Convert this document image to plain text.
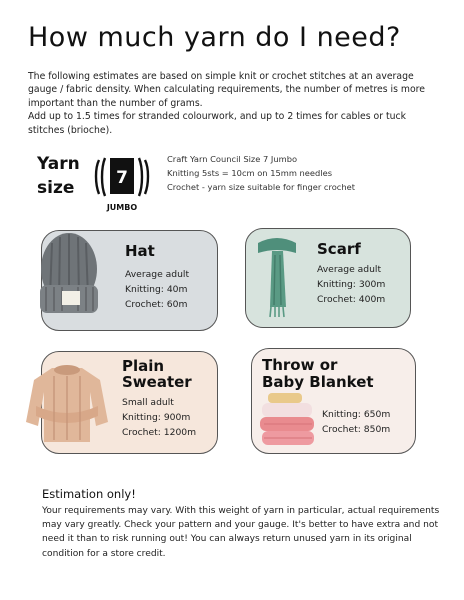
How much yarn do I need?

The following estimates are based on simple knit or crochet stitches at an average gauge / fabric density. When calculating requirements, the number of metres is more important than the number of grams.

Add up to 1.5 times for stranded colourwork, and up to 2 times for cables or tuck stitches (brioche).

Yarn
size 7
JUMBO
Craft Yarn Council Size 7 Jumbo
Knitting 5sts = 10cm on 15mm needles
Crochet - yarn size suitable for finger crochet
Hat
Average adult
Knitting: 40m
Crochet: 60m
Scarf
Average adult
Knitting: 300m
Crochet: 400m
Plain
Sweater
Small adult
Knitting: 900m
Crochet: 1200m
Throw or
Baby Blanket
Knitting: 650m
Crochet: 850m
Estimation only!
Your requirements may vary. With this weight of yarn in particular, actual requirements may vary greatly. Check your pattern and your gauge. It's better to have extra and not need it than to risk running out! You can always return unused yarn in its original condition for a store credit.
